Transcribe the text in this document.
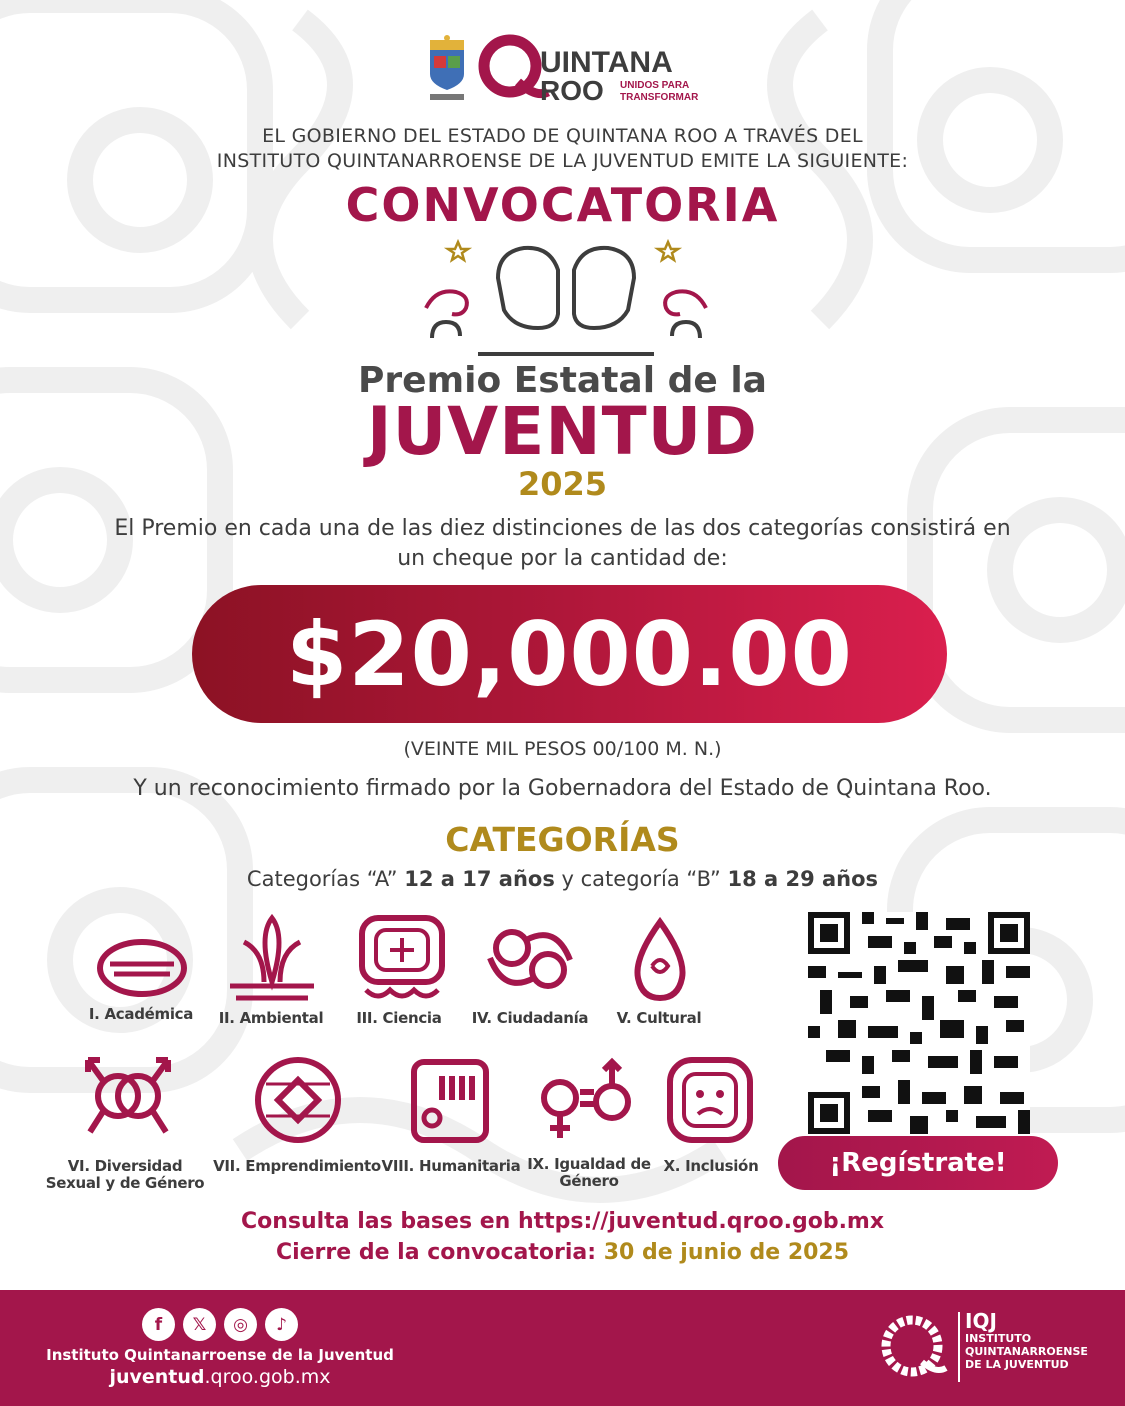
UINTANA
ROO UNIDOS PARA
TRANSFORMAR
EL GOBIERNO DEL ESTADO DE QUINTANA ROO A TRAVÉS DEL
INSTITUTO QUINTANARROENSE DE LA JUVENTUD EMITE LA SIGUIENTE:
CONVOCATORIA
Premio Estatal de la
JUVENTUD
2025
El Premio en cada una de las diez distinciones de las dos categorías consistirá en
un cheque por la cantidad de:
$20,000.00
(VEINTE MIL PESOS 00/100 M. N.)
Y un reconocimiento firmado por la Gobernadora del Estado de Quintana Roo.
CATEGORÍAS
Categorías “A” 12 a 17 años y categoría “B” 18 a 29 años
I. Académica	II. Ambiental	III. Ciencia	IV. Ciudadanía	V. Cultural
VI. Diversidad Sexual y de Género
VII. Emprendimiento VIII. Humanitaria IX. Igualdad de Género
X. Inclusión	¡Regístrate!
Consulta las bases en https://juventud.qroo.gob.mx
Cierre de la convocatoria: 30 de junio de 2025
f	𝕏	◎	♪
Instituto Quintanarroense de la Juventud
juventud.qroo.gob.mx
IQJ
INSTITUTO
QUINTANARROENSE
DE LA JUVENTUD
